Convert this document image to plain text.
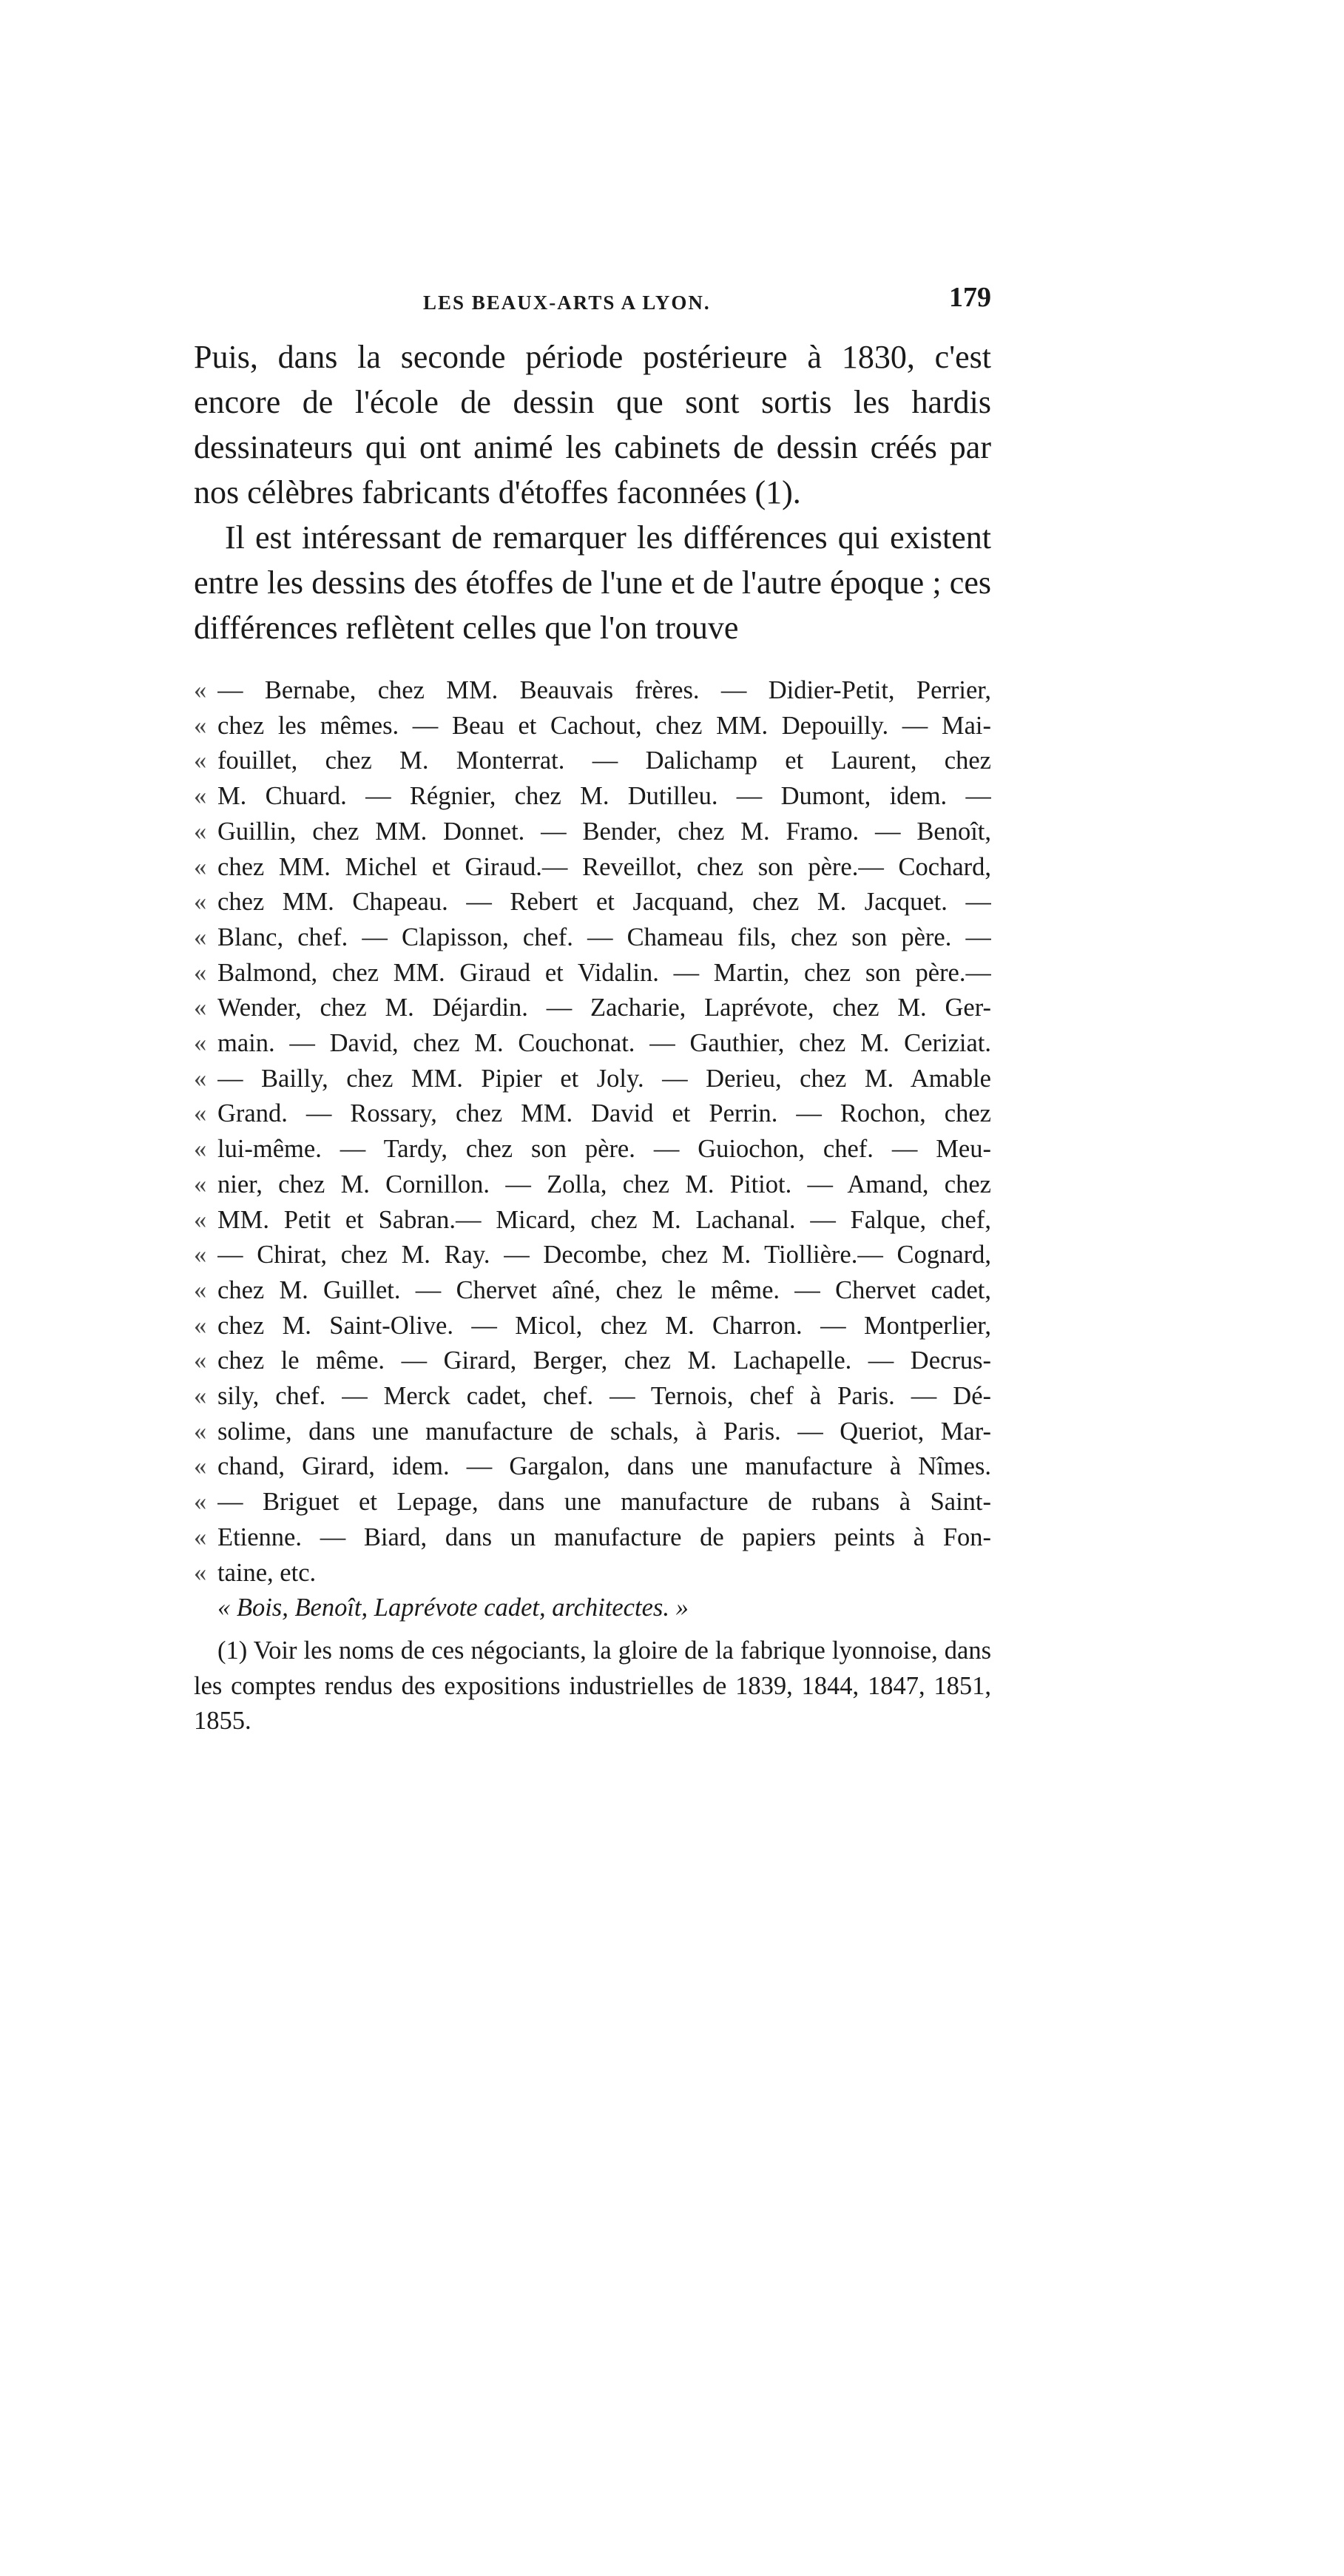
LES BEAUX-ARTS A LYON.	179

Puis, dans la seconde période postérieure à 1830, c'est encore de l'école de dessin que sont sortis les hardis dessinateurs qui ont animé les cabinets de dessin créés par nos célèbres fabricants d'étoffes faconnées (1).

Il est intéressant de remarquer les différences qui existent entre les dessins des étoffes de l'une et de l'autre époque ; ces différences reflètent celles que l'on trouve

« — Bernabe, chez MM. Beauvais frères. — Didier-Petit, Perrier,
« chez les mêmes. — Beau et Cachout, chez MM. Depouilly. — Mai-
« fouillet, chez M. Monterrat. — Dalichamp et Laurent, chez
« M. Chuard. — Régnier, chez M. Dutilleu. — Dumont, idem. —
« Guillin, chez MM. Donnet. — Bender, chez M. Framo. — Benoît,
« chez MM. Michel et Giraud.— Reveillot, chez son père.— Cochard,
« chez MM. Chapeau. — Rebert et Jacquand, chez M. Jacquet. —
« Blanc, chef. — Clapisson, chef. — Chameau fils, chez son père. —
« Balmond, chez MM. Giraud et Vidalin. — Martin, chez son père.—
« Wender, chez M. Déjardin. — Zacharie, Laprévote, chez M. Ger-
« main. — David, chez M. Couchonat. — Gauthier, chez M. Ceriziat.
« — Bailly, chez MM. Pipier et Joly. — Derieu, chez M. Amable
« Grand. — Rossary, chez MM. David et Perrin. — Rochon, chez
« lui-même. — Tardy, chez son père. — Guiochon, chef. — Meu-
« nier, chez M. Cornillon. — Zolla, chez M. Pitiot. — Amand, chez
« MM. Petit et Sabran.— Micard, chez M. Lachanal. — Falque, chef,
« — Chirat, chez M. Ray. — Decombe, chez M. Tiollière.— Cognard,
« chez M. Guillet. — Chervet aîné, chez le même. — Chervet cadet,
« chez M. Saint-Olive. — Micol, chez M. Charron. — Montperlier,
« chez le même. — Girard, Berger, chez M. Lachapelle. — Decrus-
« sily, chef. — Merck cadet, chef. — Ternois, chef à Paris. — Dé-
« solime, dans une manufacture de schals, à Paris. — Queriot, Mar-
« chand, Girard, idem. — Gargalon, dans une manufacture à Nîmes.
« — Briguet et Lepage, dans une manufacture de rubans à Saint-
« Etienne. — Biard, dans un manufacture de papiers peints à Fon-
« taine, etc.
« Bois, Benoît, Laprévote cadet, architectes. »

(1) Voir les noms de ces négociants, la gloire de la fabrique lyonnoise, dans les comptes rendus des expositions industrielles de 1839, 1844, 1847, 1851, 1855.
